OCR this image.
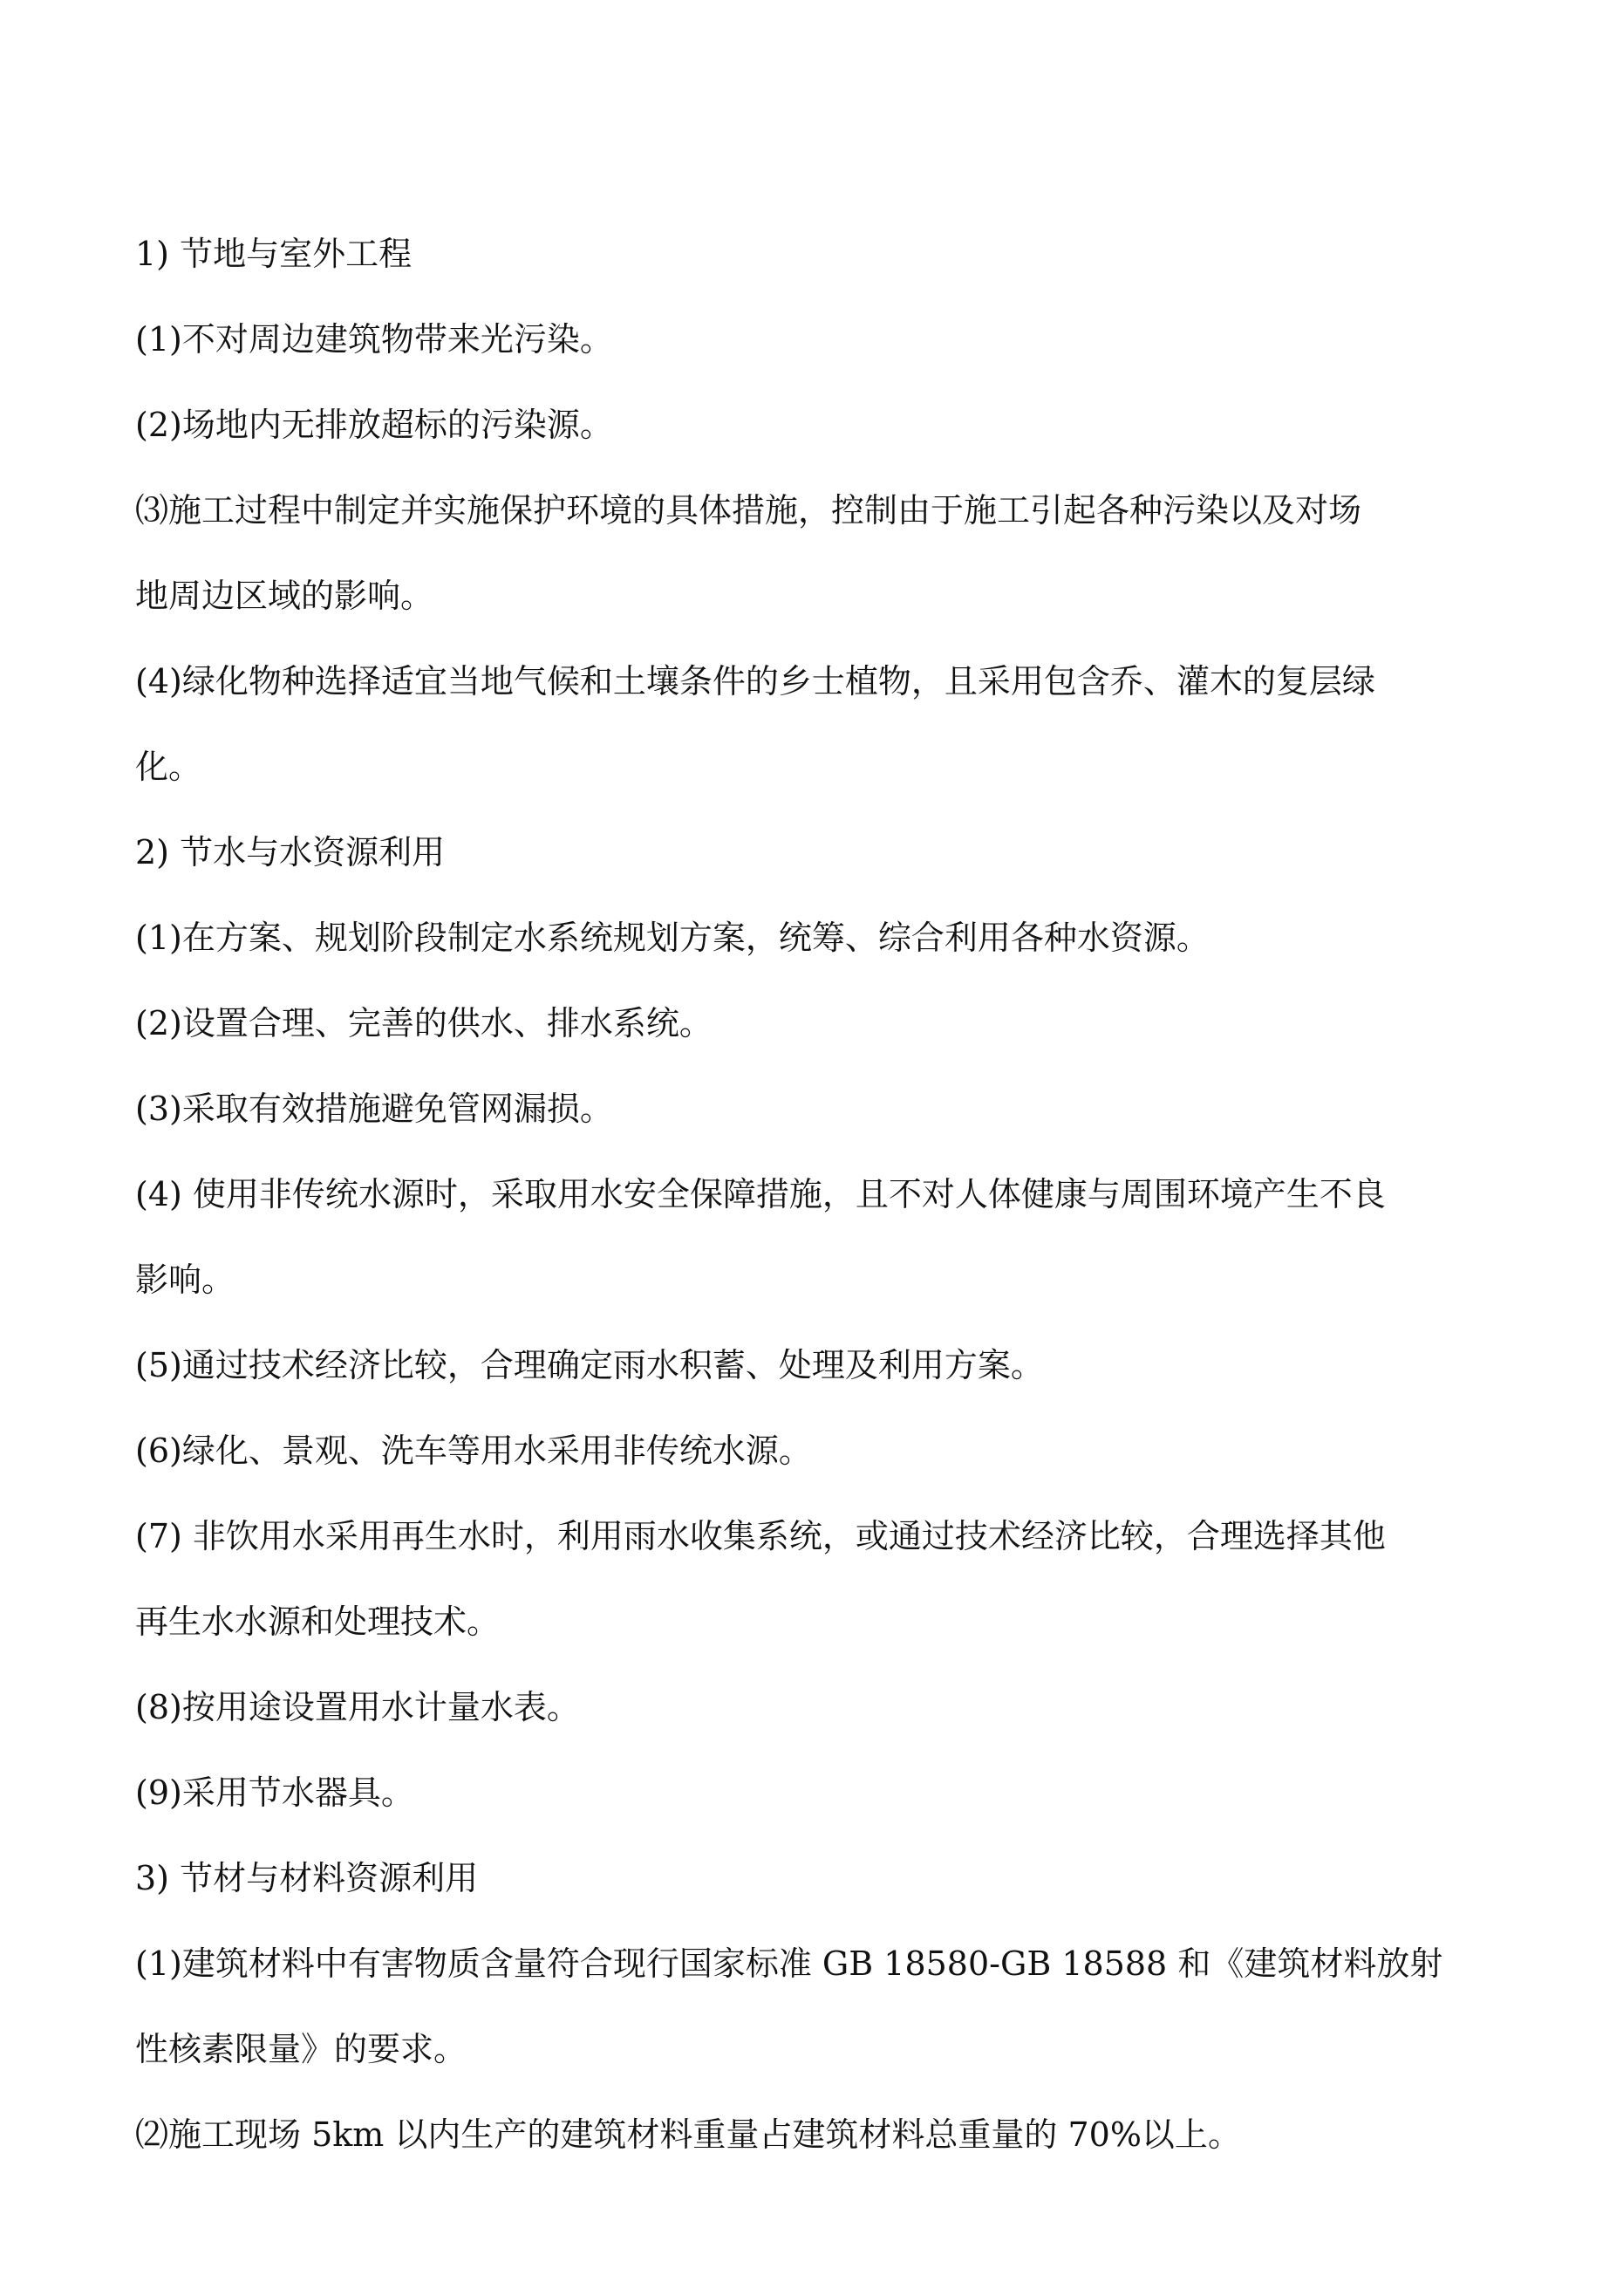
1) 节地与室外工程
(1)不对周边建筑物带来光污染。
(2)场地内无排放超标的污染源。
⑶施工过程中制定并实施保护环境的具体措施，控制由于施工引起各种污染以及对场
地周边区域的影响。
(4)绿化物种选择适宜当地气候和土壤条件的乡士植物，且采用包含乔、灌木的复层绿
化。
2) 节水与水资源利用
(1)在方案、规划阶段制定水系统规划方案，统筹、综合利用各种水资源。
(2)设置合理、完善的供水、排水系统。
(3)采取有效措施避免管网漏损。
(4) 使用非传统水源时，采取用水安全保障措施，且不对人体健康与周围环境产生不良
影响。
(5)通过技术经济比较，合理确定雨水积蓄、处理及利用方案。
(6)绿化、景观、洗车等用水采用非传统水源。
(7) 非饮用水采用再生水时，利用雨水收集系统，或通过技术经济比较，合理选择其他
再生水水源和处理技术。
(8)按用途设置用水计量水表。
(9)采用节水器具。
3) 节材与材料资源利用
(1)建筑材料中有害物质含量符合现行国家标准 GB 18580-GB 18588 和《建筑材料放射
性核素限量》的要求。
⑵施工现场 5km 以内生产的建筑材料重量占建筑材料总重量的 70%以上。
